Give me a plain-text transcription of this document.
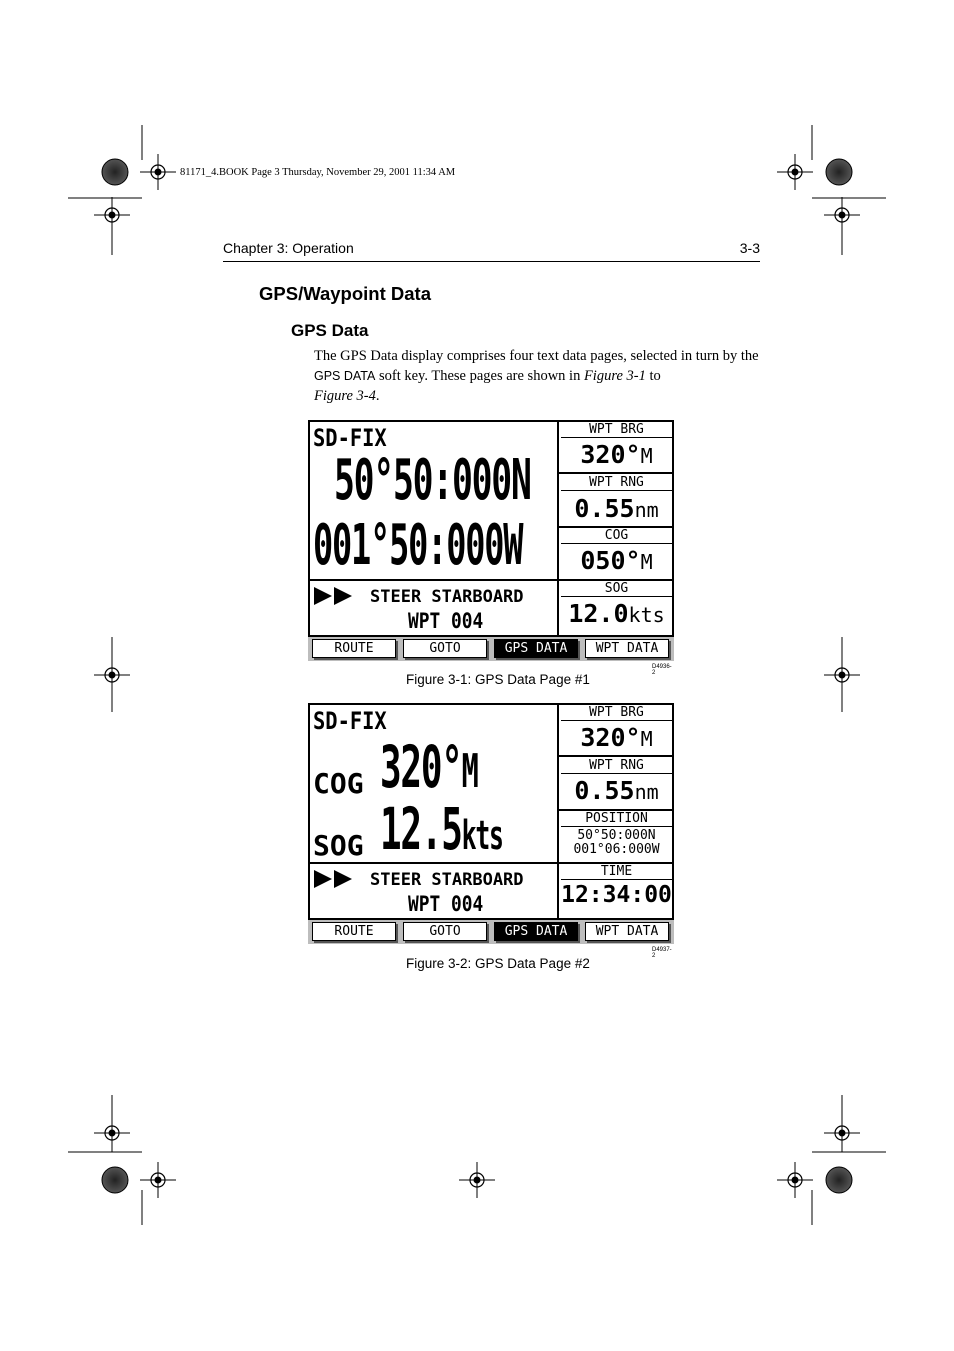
81171_4.BOOK Page 3 Thursday, November 29, 2001 11:34 AM
Chapter 3: Operation	3-3
GPS/Waypoint Data
GPS Data
The GPS Data display comprises four text data pages, selected in turn by the GPS DATA soft key. These pages are shown in Figure 3-1 to
Figure 3-4.
SD-FIX
50°50:000N
001°50:000W
STEER STARBOARD
WPT 004
WPT BRG
320°M
WPT RNG
0.55nm
COG
050°M
SOG
12.0kts
ROUTE	GOTO	GPS DATA	WPT DATA
D4936-2
Figure 3-1: GPS Data Page #1
SD-FIX
COG 320°M
SOG 12.5kts
STEER STARBOARD
WPT 004
WPT BRG
320°M
WPT RNG
0.55nm
POSITION
50°50:000N
001°06:000W
TIME
12:34:00
ROUTE	GOTO	GPS DATA	WPT DATA
D4937-2
Figure 3-2: GPS Data Page #2
